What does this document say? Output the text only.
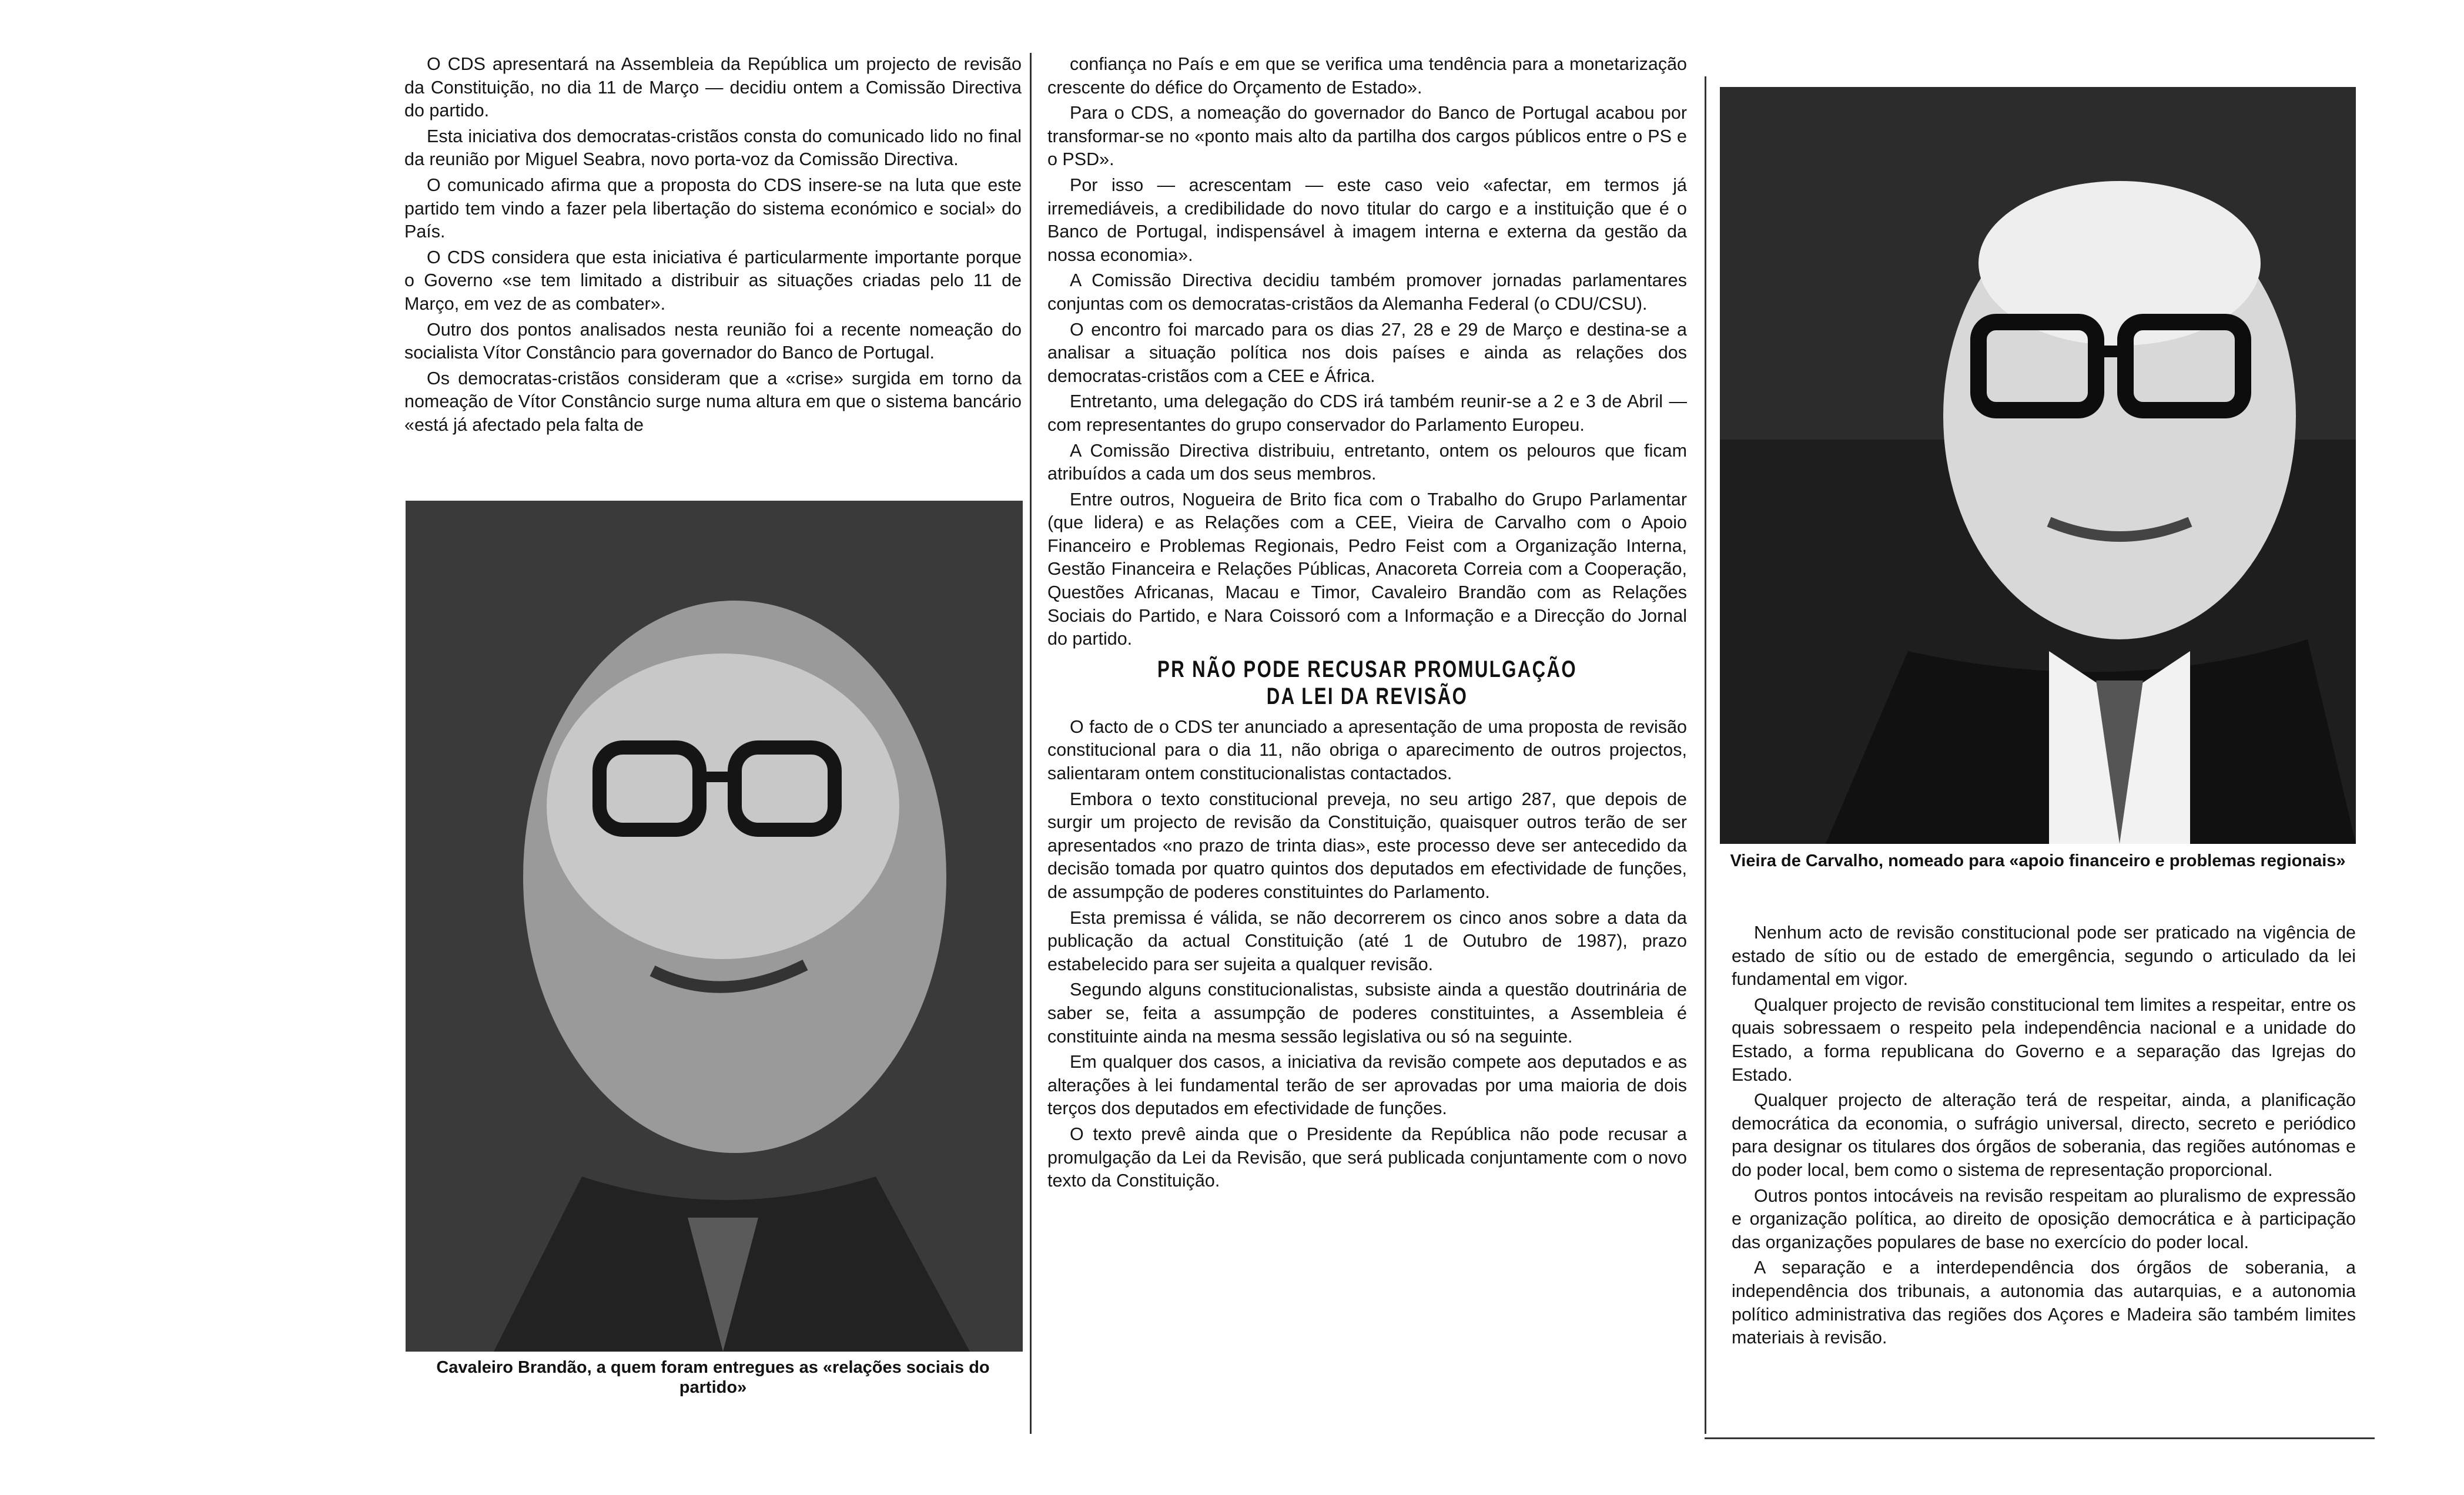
O CDS apresentará na Assembleia da República um projecto de revisão da Constituição, no dia 11 de Março — decidiu ontem a Comissão Directiva do partido.

Esta iniciativa dos democratas-cristãos consta do comunicado lido no final da reunião por Miguel Seabra, novo porta-voz da Comissão Directiva.

O comunicado afirma que a proposta do CDS insere-se na luta que este partido tem vindo a fazer pela libertação do sistema económico e social» do País.

O CDS considera que esta iniciativa é particularmente importante porque o Governo «se tem limitado a distribuir as situações criadas pelo 11 de Março, em vez de as combater».

Outro dos pontos analisados nesta reunião foi a recente nomeação do socialista Vítor Constâncio para governador do Banco de Portugal.

Os democratas-cristãos consideram que a «crise» surgida em torno da nomeação de Vítor Constâncio surge numa altura em que o sistema bancário «está já afectado pela falta de

Cavaleiro Brandão, a quem foram entregues as «relações sociais do partido»

confiança no País e em que se verifica uma tendência para a monetarização crescente do défice do Orçamento de Estado».

Para o CDS, a nomeação do governador do Banco de Portugal acabou por transformar-se no «ponto mais alto da partilha dos cargos públicos entre o PS e o PSD».

Por isso — acrescentam — este caso veio «afectar, em termos já irremediáveis, a credibilidade do novo titular do cargo e a instituição que é o Banco de Portugal, indispensável à imagem interna e externa da gestão da nossa economia».

A Comissão Directiva decidiu também promover jornadas parlamentares conjuntas com os democratas-cristãos da Alemanha Federal (o CDU/CSU).

O encontro foi marcado para os dias 27, 28 e 29 de Março e destina-se a analisar a situação política nos dois países e ainda as relações dos democratas-cristãos com a CEE e África.

Entretanto, uma delegação do CDS irá também reunir-se a 2 e 3 de Abril — com representantes do grupo conservador do Parlamento Europeu.

A Comissão Directiva distribuiu, entretanto, ontem os pelouros que ficam atribuídos a cada um dos seus membros.

Entre outros, Nogueira de Brito fica com o Trabalho do Grupo Parlamentar (que lidera) e as Relações com a CEE, Vieira de Carvalho com o Apoio Financeiro e Problemas Regionais, Pedro Feist com a Organização Interna, Gestão Financeira e Relações Públicas, Anacoreta Correia com a Cooperação, Questões Africanas, Macau e Timor, Cavaleiro Brandão com as Relações Sociais do Partido, e Nara Coissoró com a Informação e a Direcção do Jornal do partido.

PR NÃO PODE RECUSAR PROMULGAÇÃO
DA LEI DA REVISÃO

O facto de o CDS ter anunciado a apresentação de uma proposta de revisão constitucional para o dia 11, não obriga o aparecimento de outros projectos, salientaram ontem constitucionalistas contactados.

Embora o texto constitucional preveja, no seu artigo 287, que depois de surgir um projecto de revisão da Constituição, quaisquer outros terão de ser apresentados «no prazo de trinta dias», este processo deve ser antecedido da decisão tomada por quatro quintos dos deputados em efectividade de funções, de assumpção de poderes constituintes do Parlamento.

Esta premissa é válida, se não decorrerem os cinco anos sobre a data da publicação da actual Constituição (até 1 de Outubro de 1987), prazo estabelecido para ser sujeita a qualquer revisão.

Segundo alguns constitucionalistas, subsiste ainda a questão doutrinária de saber se, feita a assumpção de poderes constituintes, a Assembleia é constituinte ainda na mesma sessão legislativa ou só na seguinte.

Em qualquer dos casos, a iniciativa da revisão compete aos deputados e as alterações à lei fundamental terão de ser aprovadas por uma maioria de dois terços dos deputados em efectividade de funções.

O texto prevê ainda que o Presidente da República não pode recusar a promulgação da Lei da Revisão, que será publicada conjuntamente com o novo texto da Constituição.

Vieira de Carvalho, nomeado para «apoio financeiro e problemas regionais»

Nenhum acto de revisão constitucional pode ser praticado na vigência de estado de sítio ou de estado de emergência, segundo o articulado da lei fundamental em vigor.

Qualquer projecto de revisão constitucional tem limites a respeitar, entre os quais sobressaem o respeito pela independência nacional e a unidade do Estado, a forma republicana do Governo e a separação das Igrejas do Estado.

Qualquer projecto de alteração terá de respeitar, ainda, a planificação democrática da economia, o sufrágio universal, directo, secreto e periódico para designar os titulares dos órgãos de soberania, das regiões autónomas e do poder local, bem como o sistema de representação proporcional.

Outros pontos intocáveis na revisão respeitam ao pluralismo de expressão e organização política, ao direito de oposição democrática e à participação das organizações populares de base no exercício do poder local.

A separação e a interdependência dos órgãos de soberania, a independência dos tribunais, a autonomia das autarquias, e a autonomia político administrativa das regiões dos Açores e Madeira são também limites materiais à revisão.
